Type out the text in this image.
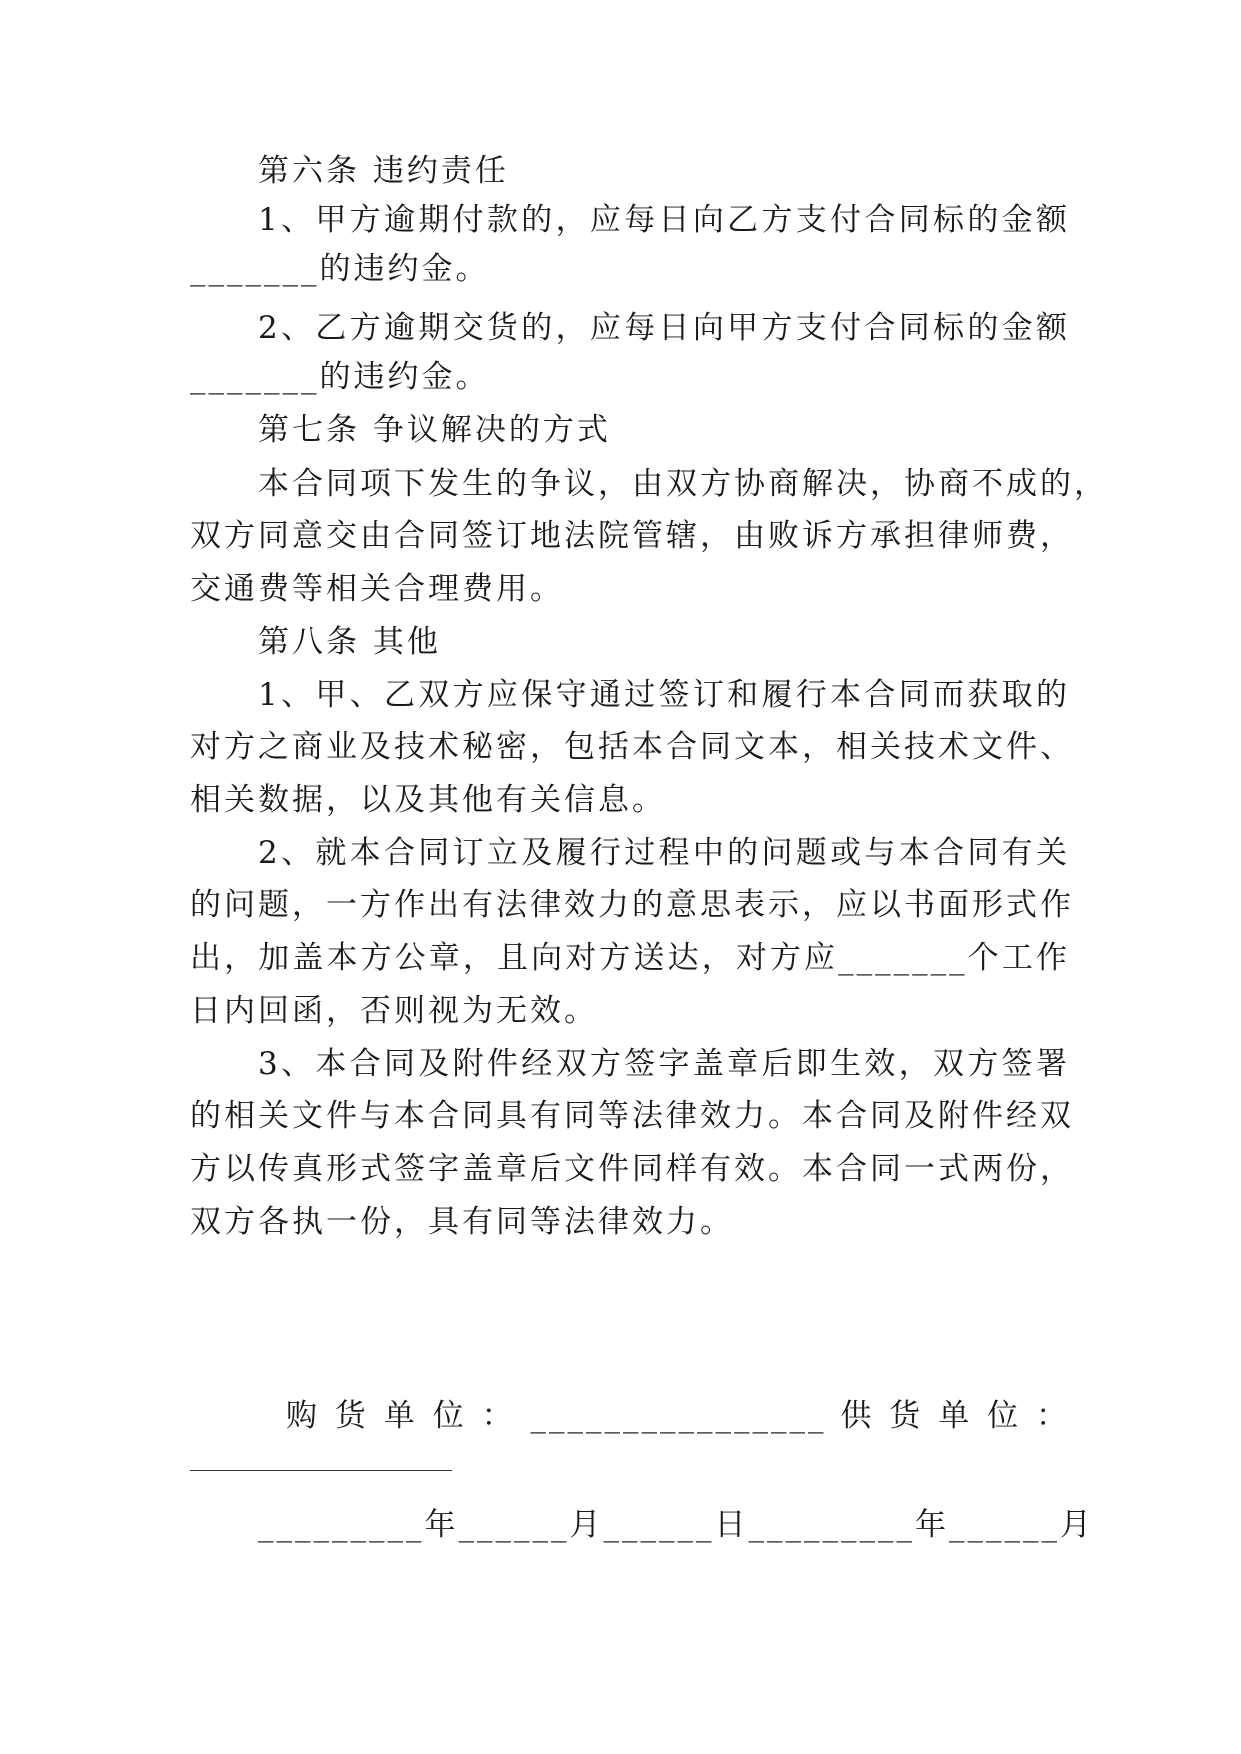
第六条 违约责任
1、甲方逾期付款的，应每日向乙方支付合同标的金额
_______的违约金。
2、乙方逾期交货的，应每日向甲方支付合同标的金额
_______的违约金。
第七条 争议解决的方式
本合同项下发生的争议，由双方协商解决，协商不成的，
双方同意交由合同签订地法院管辖，由败诉方承担律师费，
交通费等相关合理费用。
第八条 其他
1、甲、乙双方应保守通过签订和履行本合同而获取的
对方之商业及技术秘密，包括本合同文本，相关技术文件、
相关数据，以及其他有关信息。
2、就本合同订立及履行过程中的问题或与本合同有关
的问题，一方作出有法律效力的意思表示，应以书面形式作
出，加盖本方公章，且向对方送达，对方应_______个工作
日内回函，否则视为无效。
3、本合同及附件经双方签字盖章后即生效，双方签署
的相关文件与本合同具有同等法律效力。本合同及附件经双
方以传真形式签字盖章后文件同样有效。本合同一式两份，
双方各执一份，具有同等法律效力。
购 货 单 位 ： ________________ 供 货 单 位 ：
_________年______月______日_________年______月
